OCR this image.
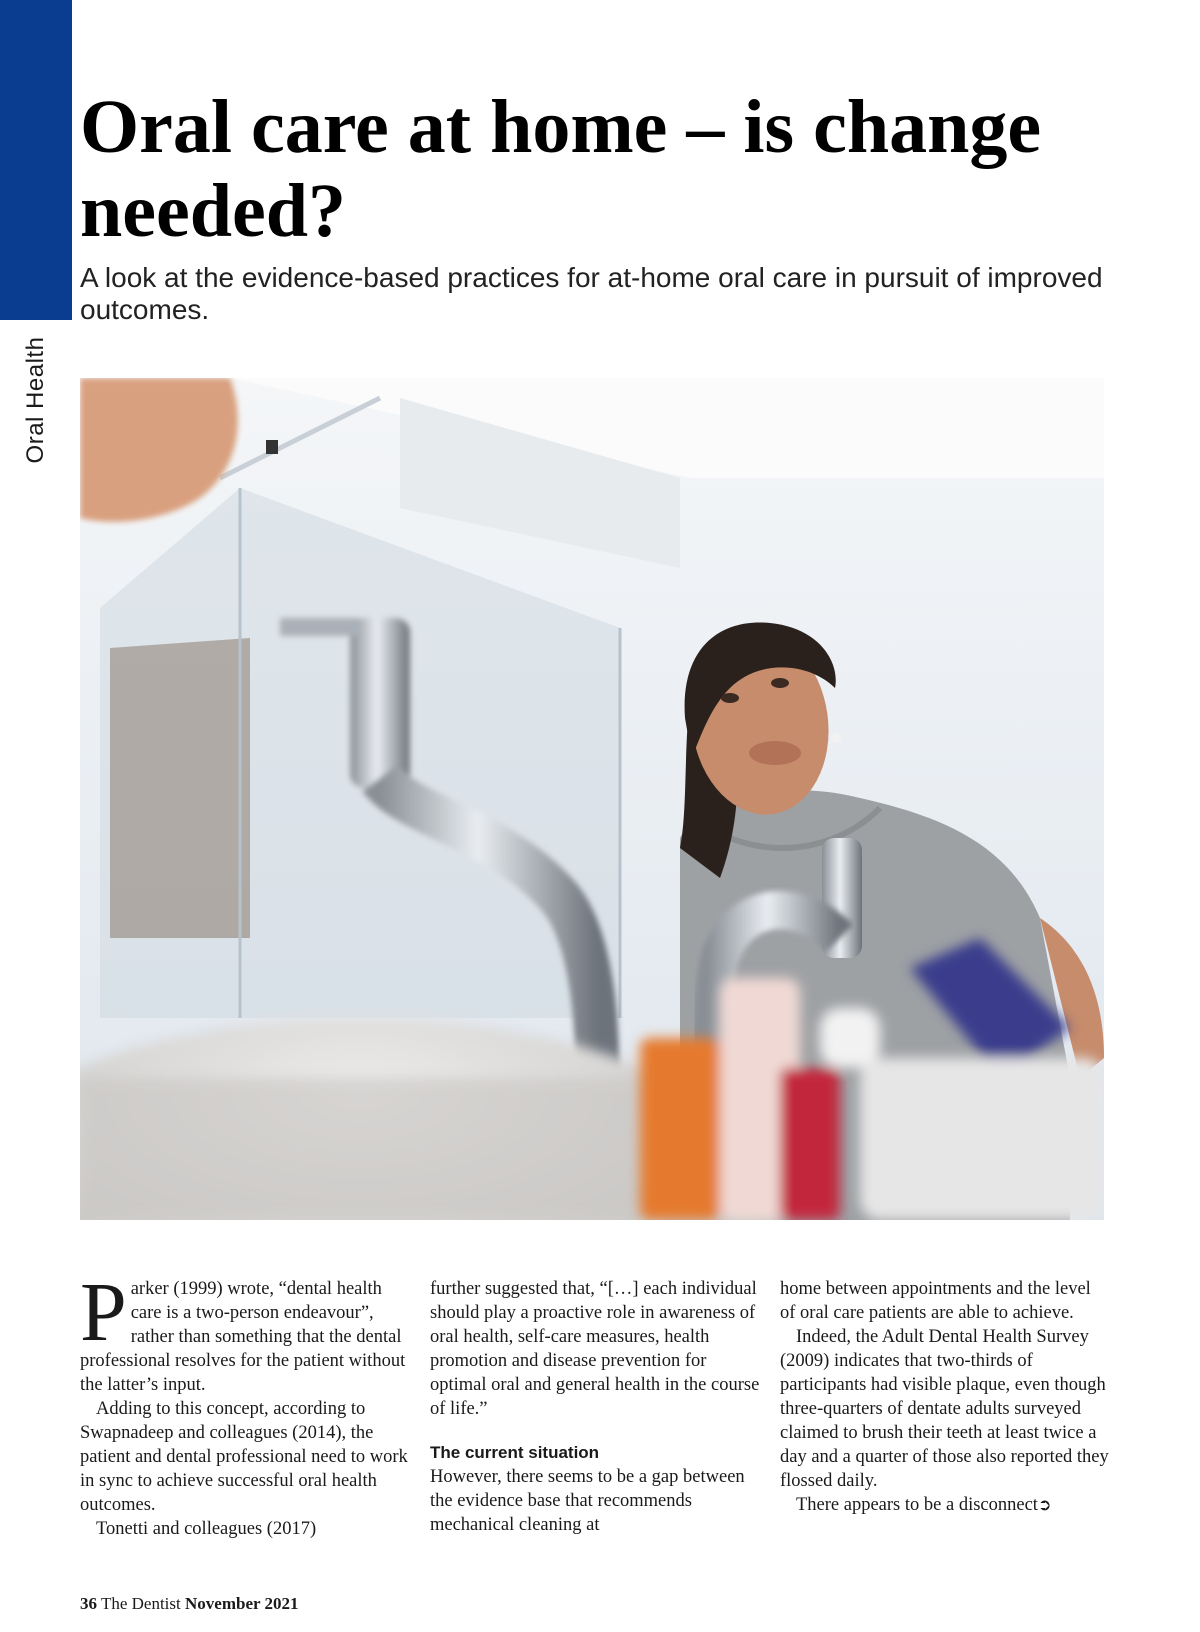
Oral Health
Oral care at home – is change needed?

A look at the evidence-based practices for at-home oral care in pursuit of improved outcomes.

Parker (1999) wrote, “dental health care is a two-person endeavour”, rather than something that the dental professional resolves for the patient without the latter’s input.

Adding to this concept, according to Swapnadeep and colleagues (2014), the patient and dental professional need to work in sync to achieve successful oral health outcomes.

Tonetti and colleagues (2017)

further suggested that, “[…] each individual should play a proactive role in awareness of oral health, self-care measures, health promotion and disease prevention for optimal oral and general health in the course of life.”

The current situation

However, there seems to be a gap between the evidence base that recommends mechanical cleaning at

home between appointments and the level of oral care patients are able to achieve.

Indeed, the Adult Dental Health Survey (2009) indicates that two-thirds of participants had visible plaque, even though three-quarters of dentate adults surveyed claimed to brush their teeth at least twice a day and a quarter of those also reported they flossed daily.

There appears to be a disconnect➲

36 The Dentist November 2021
